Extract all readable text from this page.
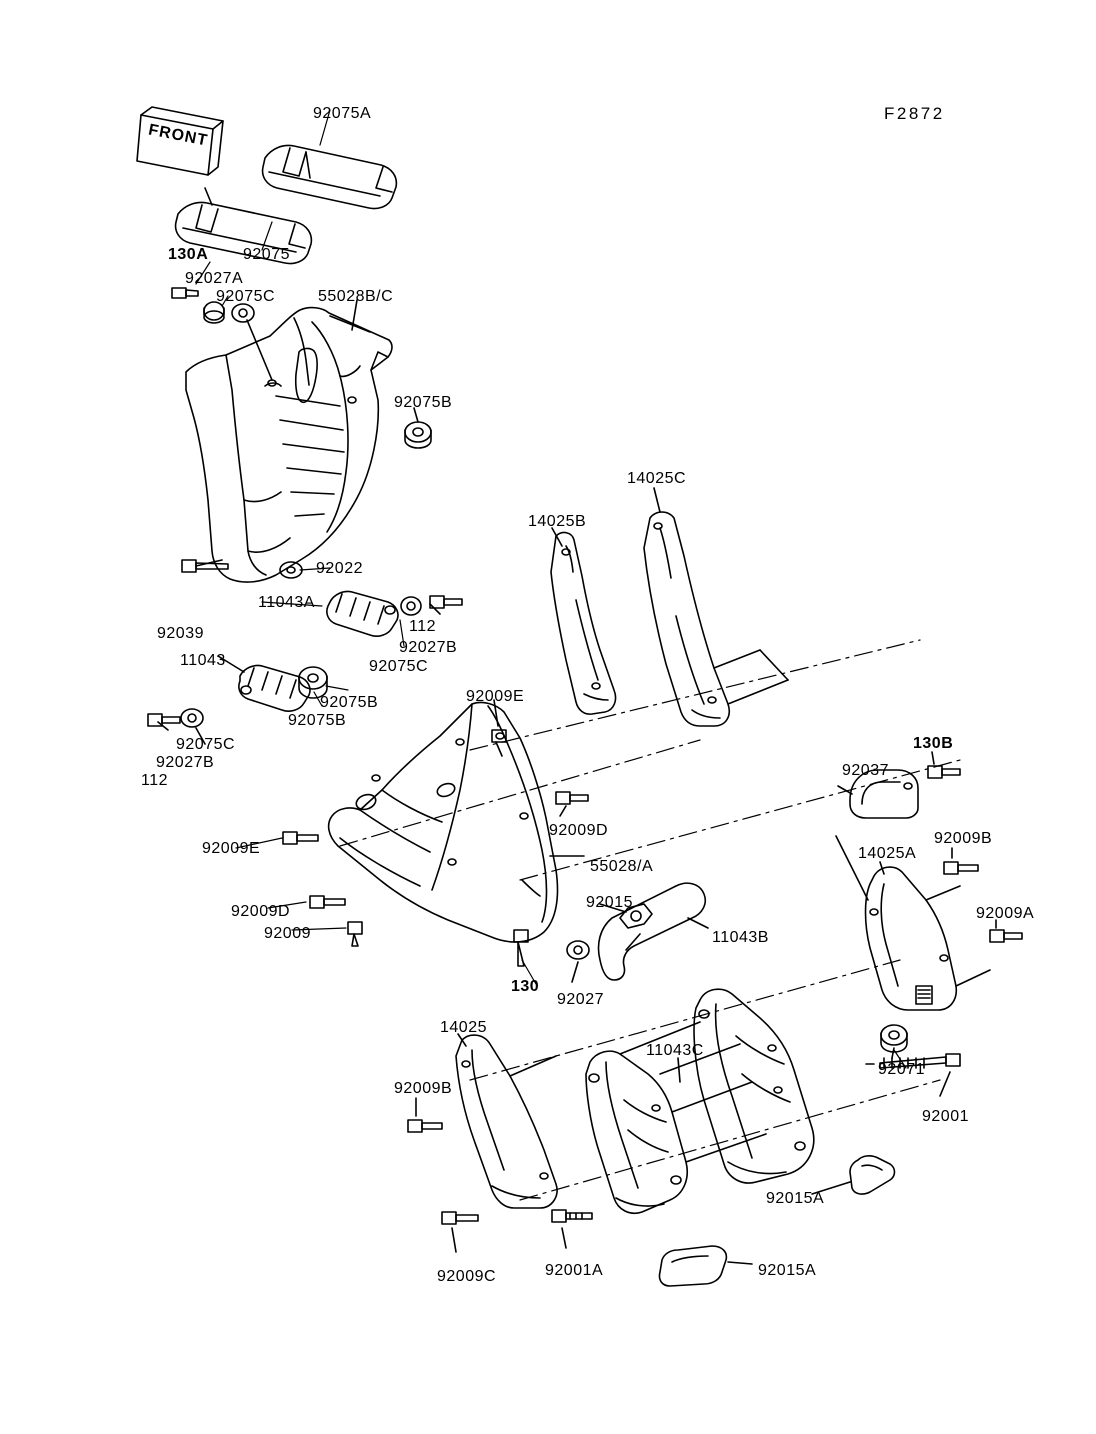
FRONT
F2872
92075A
130A 92075
92027A
92075C	55028B/C
92075B
14025C
14025B
92022
11043A
112
92039
92027B
11043	92075C
92075B	92009E
92075B
92075C	130B
92027B	92037
112
92009D
14025A
92009B
92009E
55028/A
92015
92009D
92009	11043B
92009A
130
92027
14025
92071
11043C
92009B
92001
92015A
92015A
92009C	92001A
